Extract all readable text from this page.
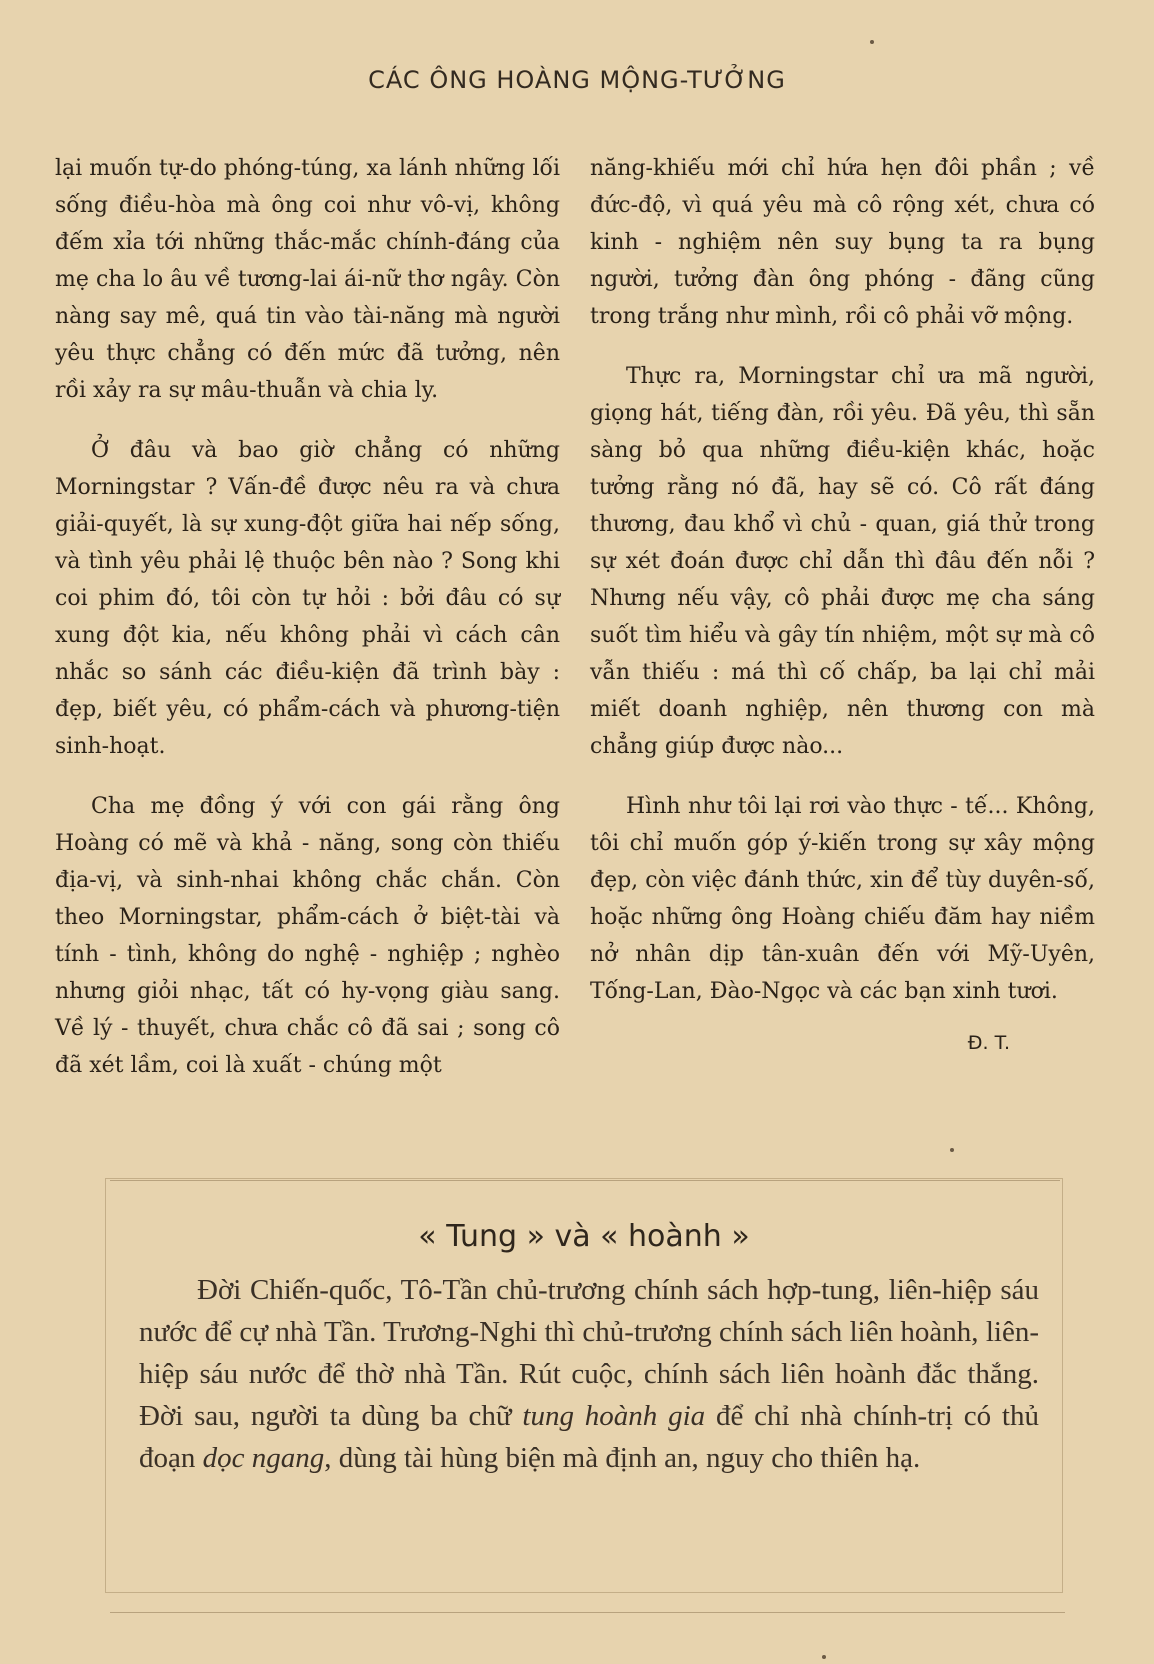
CÁC ÔNG HOÀNG MỘNG-TƯỞNG

lại muốn tự-do phóng-túng, xa lánh những lối sống điều-hòa mà ông coi như vô-vị, không đếm xỉa tới những thắc-mắc chính-đáng của mẹ cha lo âu về tương-lai ái-nữ thơ ngây. Còn nàng say mê, quá tin vào tài-năng mà người yêu thực chẳng có đến mức đã tưởng, nên rồi xảy ra sự mâu-thuẫn và chia ly.

Ở đâu và bao giờ chẳng có những Morningstar ? Vấn-đề được nêu ra và chưa giải-quyết, là sự xung-đột giữa hai nếp sống, và tình yêu phải lệ thuộc bên nào ? Song khi coi phim đó, tôi còn tự hỏi : bởi đâu có sự xung đột kia, nếu không phải vì cách cân nhắc so sánh các điều-kiện đã trình bày : đẹp, biết yêu, có phẩm-cách và phương-tiện sinh-hoạt.

Cha mẹ đồng ý với con gái rằng ông Hoàng có mẽ và khả - năng, song còn thiếu địa-vị, và sinh-nhai không chắc chắn. Còn theo Morningstar, phẩm-cách ở biệt-tài và tính - tình, không do nghệ - nghiệp ; nghèo nhưng giỏi nhạc, tất có hy-vọng giàu sang. Về lý - thuyết, chưa chắc cô đã sai ; song cô đã xét lầm, coi là xuất - chúng một

năng-khiếu mới chỉ hứa hẹn đôi phần ; về đức-độ, vì quá yêu mà cô rộng xét, chưa có kinh - nghiệm nên suy bụng ta ra bụng người, tưởng đàn ông phóng - đãng cũng trong trắng như mình, rồi cô phải vỡ mộng.

Thực ra, Morningstar chỉ ưa mã người, giọng hát, tiếng đàn, rồi yêu. Đã yêu, thì sẵn sàng bỏ qua những điều-kiện khác, hoặc tưởng rằng nó đã, hay sẽ có. Cô rất đáng thương, đau khổ vì chủ - quan, giá thử trong sự xét đoán được chỉ dẫn thì đâu đến nỗi ? Nhưng nếu vậy, cô phải được mẹ cha sáng suốt tìm hiểu và gây tín nhiệm, một sự mà cô vẫn thiếu : má thì cố chấp, ba lại chỉ mải miết doanh nghiệp, nên thương con mà chẳng giúp được nào...

Hình như tôi lại rơi vào thực - tế... Không, tôi chỉ muốn góp ý-kiến trong sự xây mộng đẹp, còn việc đánh thức, xin để tùy duyên-số, hoặc những ông Hoàng chiếu đăm hay niềm nở nhân dịp tân-xuân đến với Mỹ-Uyên, Tống-Lan, Đào-Ngọc và các bạn xinh tươi.

Đ. T.
« Tung » và « hoành »

Đời Chiến-quốc, Tô-Tần chủ-trương chính sách hợp-tung, liên-hiệp sáu nước để cự nhà Tần. Trương-Nghi thì chủ-trương chính sách liên hoành, liên-hiệp sáu nước để thờ nhà Tần. Rút cuộc, chính sách liên hoành đắc thắng. Đời sau, người ta dùng ba chữ tung hoành gia để chỉ nhà chính-trị có thủ đoạn dọc ngang, dùng tài hùng biện mà định an, nguy cho thiên hạ.
